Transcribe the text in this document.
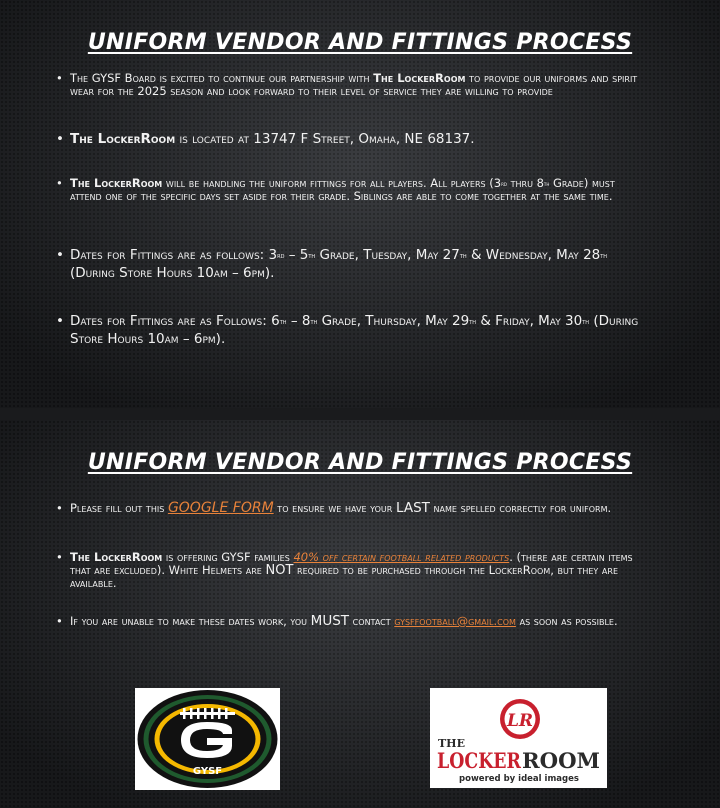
UNIFORM VENDOR AND FITTINGS PROCESS
• The GYSF Board is excited to continue our partnership with The LockerRoom to provide our uniforms and spirit wear for the 2025 season and look forward to their level of service they are willing to provide
• The LockerRoom is located at 13747 F Street, Omaha, NE 68137.
• The LockerRoom will be handling the uniform fittings for all players. All players (3rd thru 8th Grade) must attend one of the specific days set aside for their grade. Siblings are able to come together at the same time.
• Dates for Fittings are as follows: 3rd – 5th Grade, Tuesday, May 27th & Wednesday, May 28th (During Store Hours 10am – 6pm).
• Dates for Fittings are as Follows: 6th – 8th Grade, Thursday, May 29th & Friday, May 30th (During Store Hours 10am – 6pm).
UNIFORM VENDOR AND FITTINGS PROCESS
• Please fill out this GOOGLE FORM to ensure we have your LAST name spelled correctly for uniform.
• The LockerRoom is offering GYSF families 40% off certain football related products. (there are certain items that are excluded). White Helmets are NOT required to be purchased through the LockerRoom, but they are available.
• If you are unable to make these dates work, you MUST contact gysffootball@gmail.com as soon as possible.
GYSF
LR
THE
LOCKER ROOM
powered by ideal images
